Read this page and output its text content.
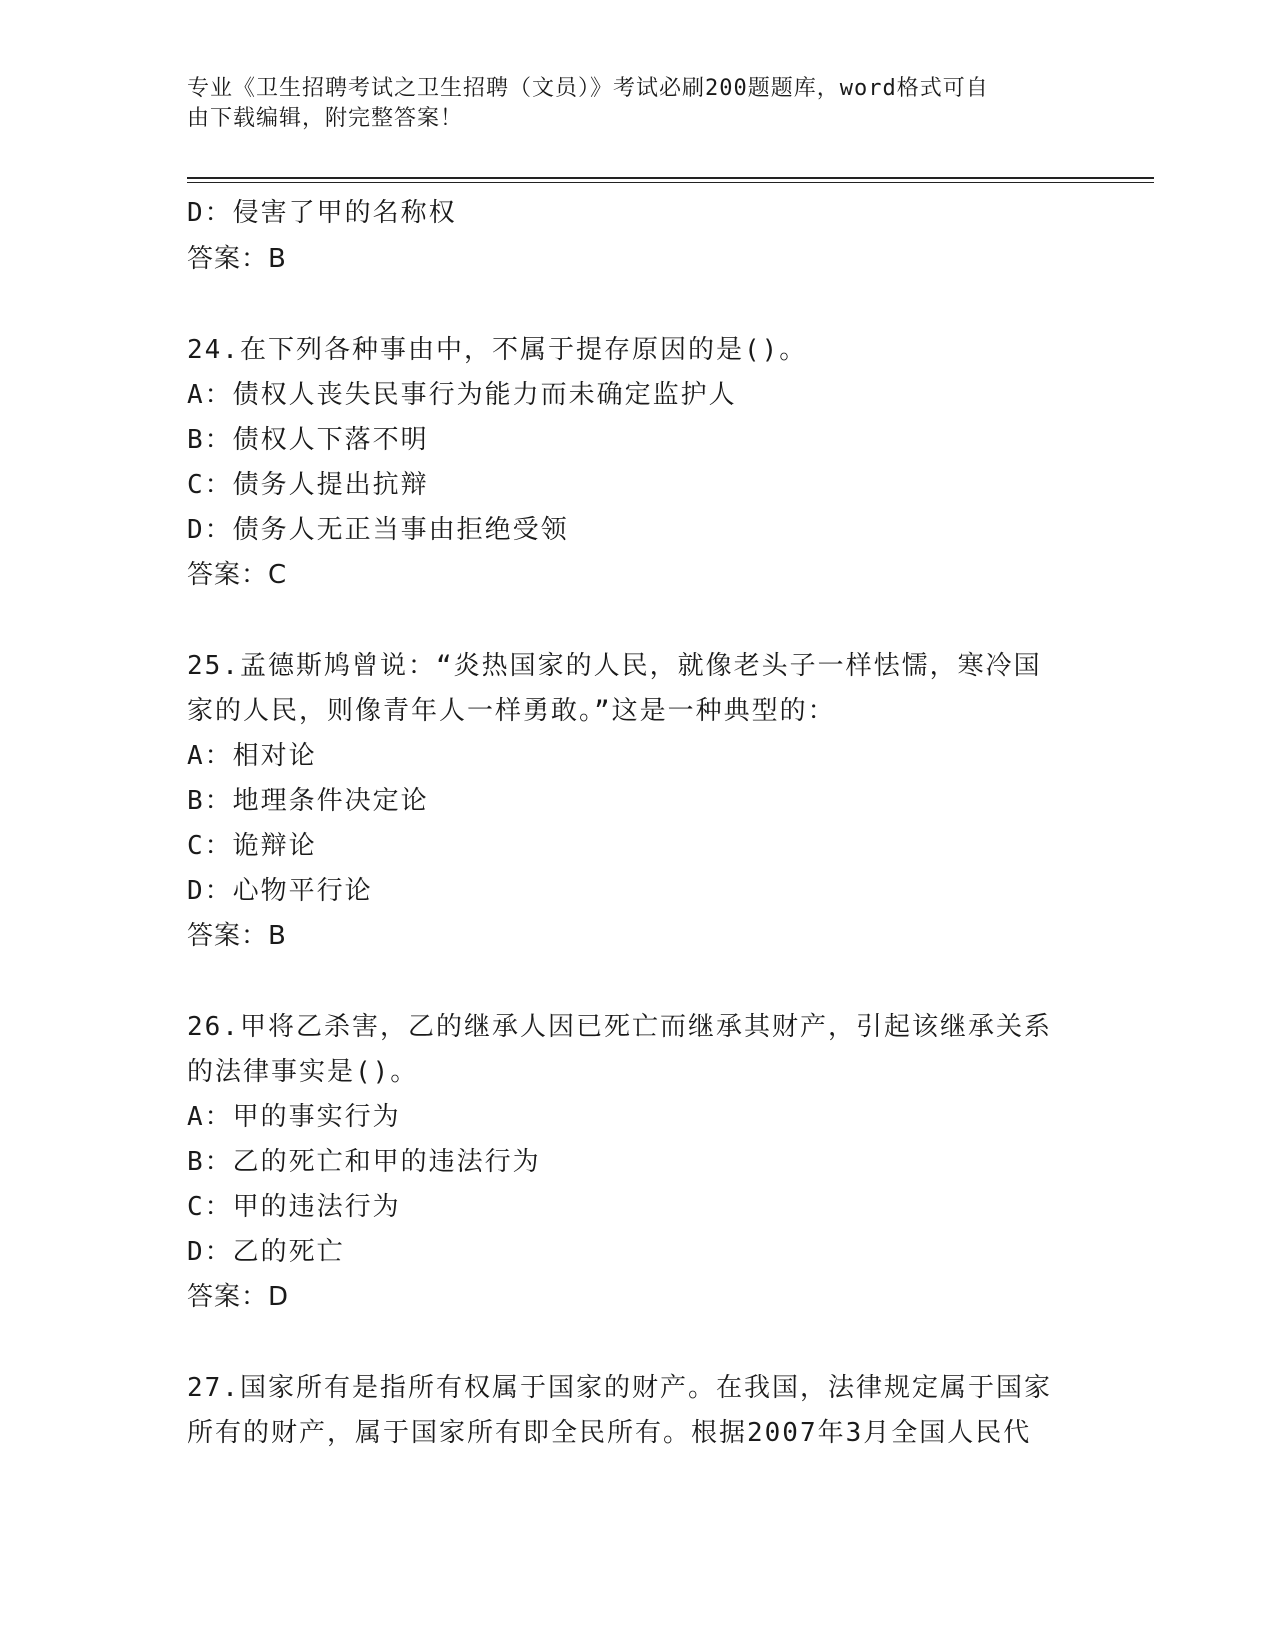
专业《卫生招聘考试之卫生招聘（文员）》考试必刷200题题库，word格式可自
由下载编辑，附完整答案！
D：侵害了甲的名称权
答案：B
24.在下列各种事由中，不属于提存原因的是()。
A：债权人丧失民事行为能力而未确定监护人
B：债权人下落不明
C：债务人提出抗辩
D：债务人无正当事由拒绝受领
答案：C
25.孟德斯鸠曾说：“炎热国家的人民，就像老头子一样怯懦，寒冷国
家的人民，则像青年人一样勇敢。”这是一种典型的：
A：相对论
B：地理条件决定论
C：诡辩论
D：心物平行论
答案：B
26.甲将乙杀害，乙的继承人因已死亡而继承其财产，引起该继承关系
的法律事实是()。
A：甲的事实行为
B：乙的死亡和甲的违法行为
C：甲的违法行为
D：乙的死亡
答案：D
27.国家所有是指所有权属于国家的财产。在我国，法律规定属于国家
所有的财产，属于国家所有即全民所有。根据2007年3月全国人民代
